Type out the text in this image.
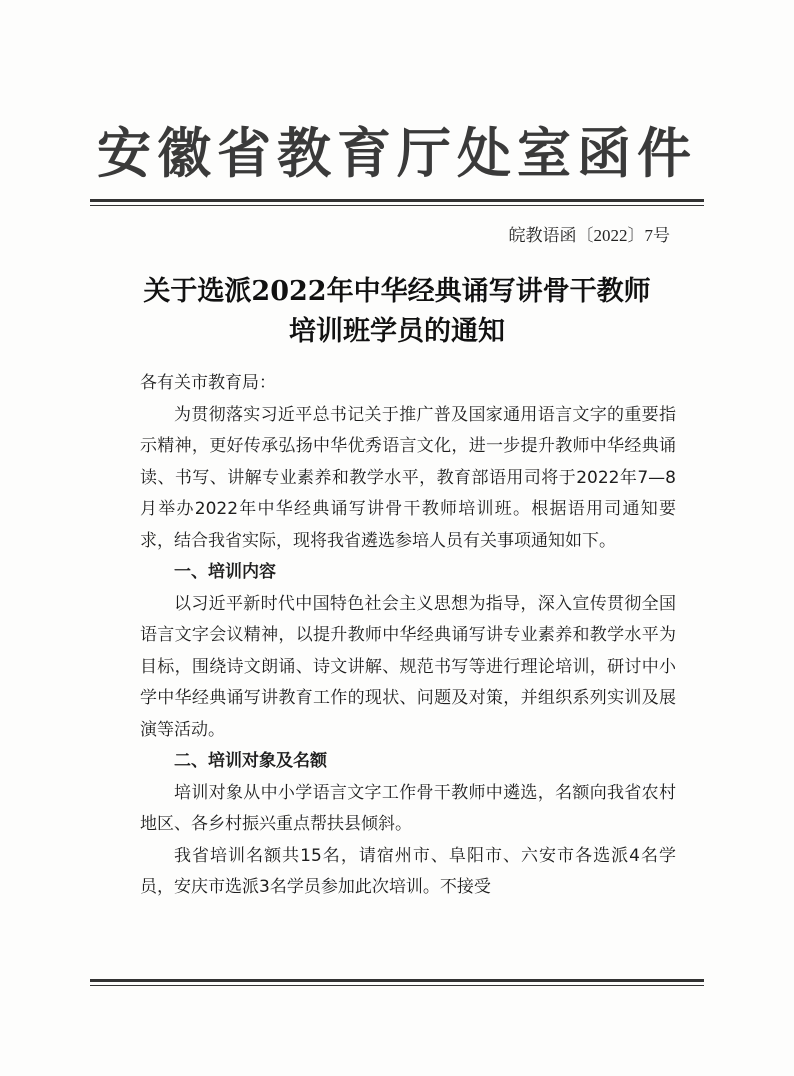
安徽省教育厅处室函件
皖教语函〔2022〕7号
关于选派2022年中华经典诵写讲骨干教师
培训班学员的通知

各有关市教育局：

为贯彻落实习近平总书记关于推广普及国家通用语言文字的重要指示精神，更好传承弘扬中华优秀语言文化，进一步提升教师中华经典诵读、书写、讲解专业素养和教学水平，教育部语用司将于2022年7—8月举办2022年中华经典诵写讲骨干教师培训班。根据语用司通知要求，结合我省实际，现将我省遴选参培人员有关事项通知如下。

一、培训内容

以习近平新时代中国特色社会主义思想为指导，深入宣传贯彻全国语言文字会议精神，以提升教师中华经典诵写讲专业素养和教学水平为目标，围绕诗文朗诵、诗文讲解、规范书写等进行理论培训，研讨中小学中华经典诵写讲教育工作的现状、问题及对策，并组织系列实训及展演等活动。

二、培训对象及名额

培训对象从中小学语言文字工作骨干教师中遴选，名额向我省农村地区、各乡村振兴重点帮扶县倾斜。

我省培训名额共15名，请宿州市、阜阳市、六安市各选派4名学员，安庆市选派3名学员参加此次培训。不接受
